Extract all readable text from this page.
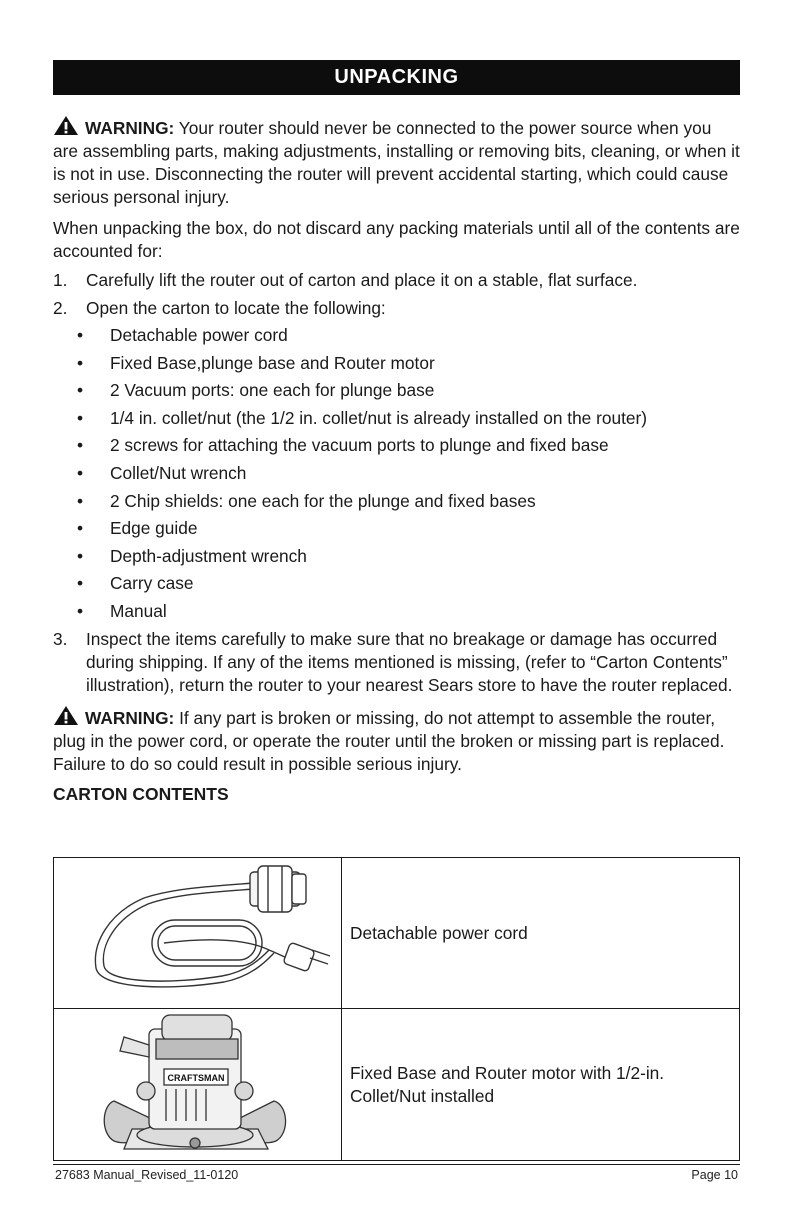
UNPACKING

WARNING: Your router should never be connected to the power source when you are assembling parts, making adjustments, installing or removing bits, cleaning, or when it is not in use. Disconnecting the router will prevent accidental starting, which could cause serious personal injury.

When unpacking the box, do not discard any packing materials until all of the contents are accounted for:

1.	Carefully lift the router out of carton and place it on a stable, flat surface.
2.	Open the carton to locate the following:
•	Detachable power cord
•	Fixed Base,plunge base and Router motor
•	2 Vacuum ports: one each for plunge base
•	1/4 in. collet/nut (the 1/2 in. collet/nut is already installed on the router)
•	2 screws for attaching the vacuum ports to plunge and fixed base
•	Collet/Nut wrench
•	2 Chip shields: one each for the plunge and fixed bases
•	Edge guide
•	Depth-adjustment wrench
•	Carry case
•	Manual
3.	Inspect the items carefully to make sure that no breakage or damage has occurred during shipping. If any of the items mentioned is missing, (refer to “Carton Contents” illustration), return the router to your nearest Sears store to have the router replaced.

WARNING: If any part is broken or missing, do not attempt to assemble the router, plug in the power cord, or operate the router until the broken or missing part is replaced. Failure to do so could result in possible serious injury.

CARTON CONTENTS
	Detachable power cord

CRAFTSMAN	Fixed Base and Router motor with 1/2-in. Collet/Nut installed
27683 Manual_Revised_11-0120	Page 10
